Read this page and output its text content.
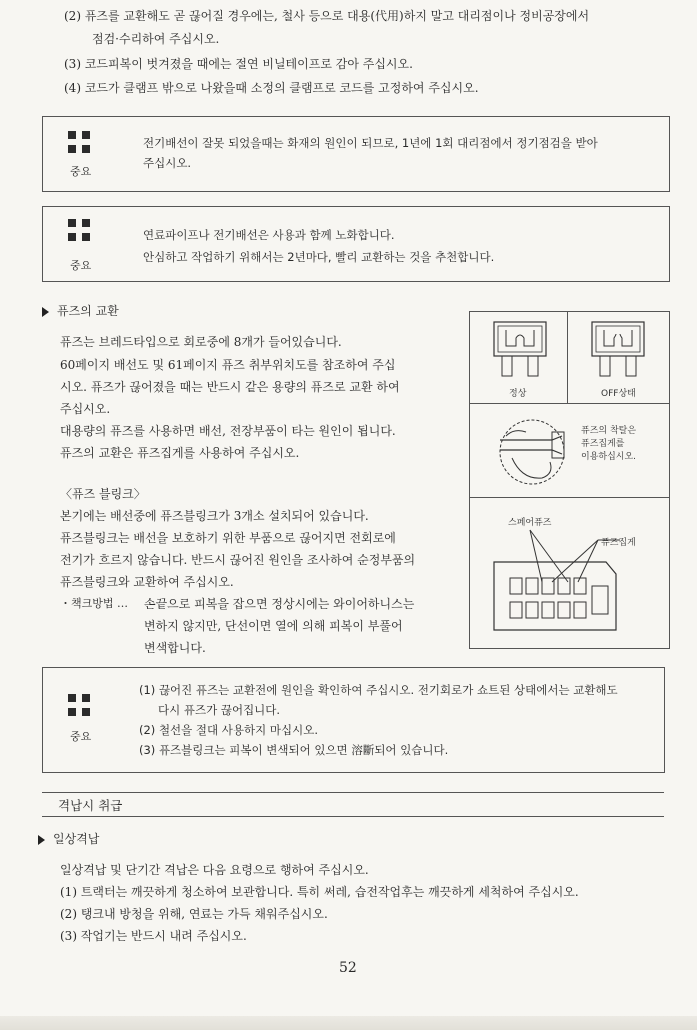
(2) 퓨즈를 교환해도 곧 끊어질 경우에는, 철사 등으로 대용(代用)하지 말고 대리점이나 정비공장에서
점검·수리하여 주십시오.
(3) 코드피복이 벗겨졌을 때에는 절연 비닐테이프로 감아 주십시오.
(4) 코드가 클램프 밖으로 나왔을때 소정의 클램프로 코드를 고정하여 주십시오.
중요
전기배선이 잘못 되었을때는 화재의 원인이 되므로, 1년에 1회 대리점에서 정기점검을 받아
주십시오.
중요
연료파이프나 전기배선은 사용과 함께 노화합니다.
안심하고 작업하기 위해서는 2년마다, 빨리 교환하는 것을 추천합니다.
퓨즈의 교환
퓨즈는 브레드타입으로 회로중에 8개가 들어있습니다.
60페이지 배선도 및 61페이지 퓨즈 취부위치도를 참조하여 주십
시오. 퓨즈가 끊어졌을 때는 반드시 같은 용량의 퓨즈로 교환 하여
주십시오.
대용량의 퓨즈를 사용하면 배선, 전장부품이 타는 원인이 됩니다.
퓨즈의 교환은 퓨즈집게를 사용하여 주십시오.
〈퓨즈 블링크〉
본기에는 배선중에 퓨즈블링크가 3개소 설치되어 있습니다.
퓨즈블링크는 배선을 보호하기 위한 부품으로 끊어지면 전회로에
전기가 흐르지 않습니다. 반드시 끊어진 원인을 조사하여 순정부품의
퓨즈블링크와 교환하여 주십시오.
・책크방법 … 손끝으로 피복을 잡으면 정상시에는 와이어하니스는
변하지 않지만, 단선이면 열에 의해 피복이 부풀어
변색합니다.
정상	OFF상태
퓨즈의 착탈은
퓨즈집게를
이용하십시오.
스페어퓨즈
퓨즈집게
중요
(1) 끊어진 퓨즈는 교환전에 원인을 확인하여 주십시오. 전기회로가 쇼트된 상태에서는 교환해도
다시 퓨즈가 끊어집니다.
(2) 철선을 절대 사용하지 마십시오.
(3) 퓨즈블링크는 피복이 변색되어 있으면 溶斷되어 있습니다.
격납시 취급
일상격납
일상격납 및 단기간 격납은 다음 요령으로 행하여 주십시오.
(1) 트랙터는 깨끗하게 청소하여 보관합니다. 특히 써레, 습전작업후는 깨끗하게 세척하여 주십시오.
(2) 탱크내 방청을 위해, 연료는 가득 채워주십시오.
(3) 작업기는 반드시 내려 주십시오.
52
